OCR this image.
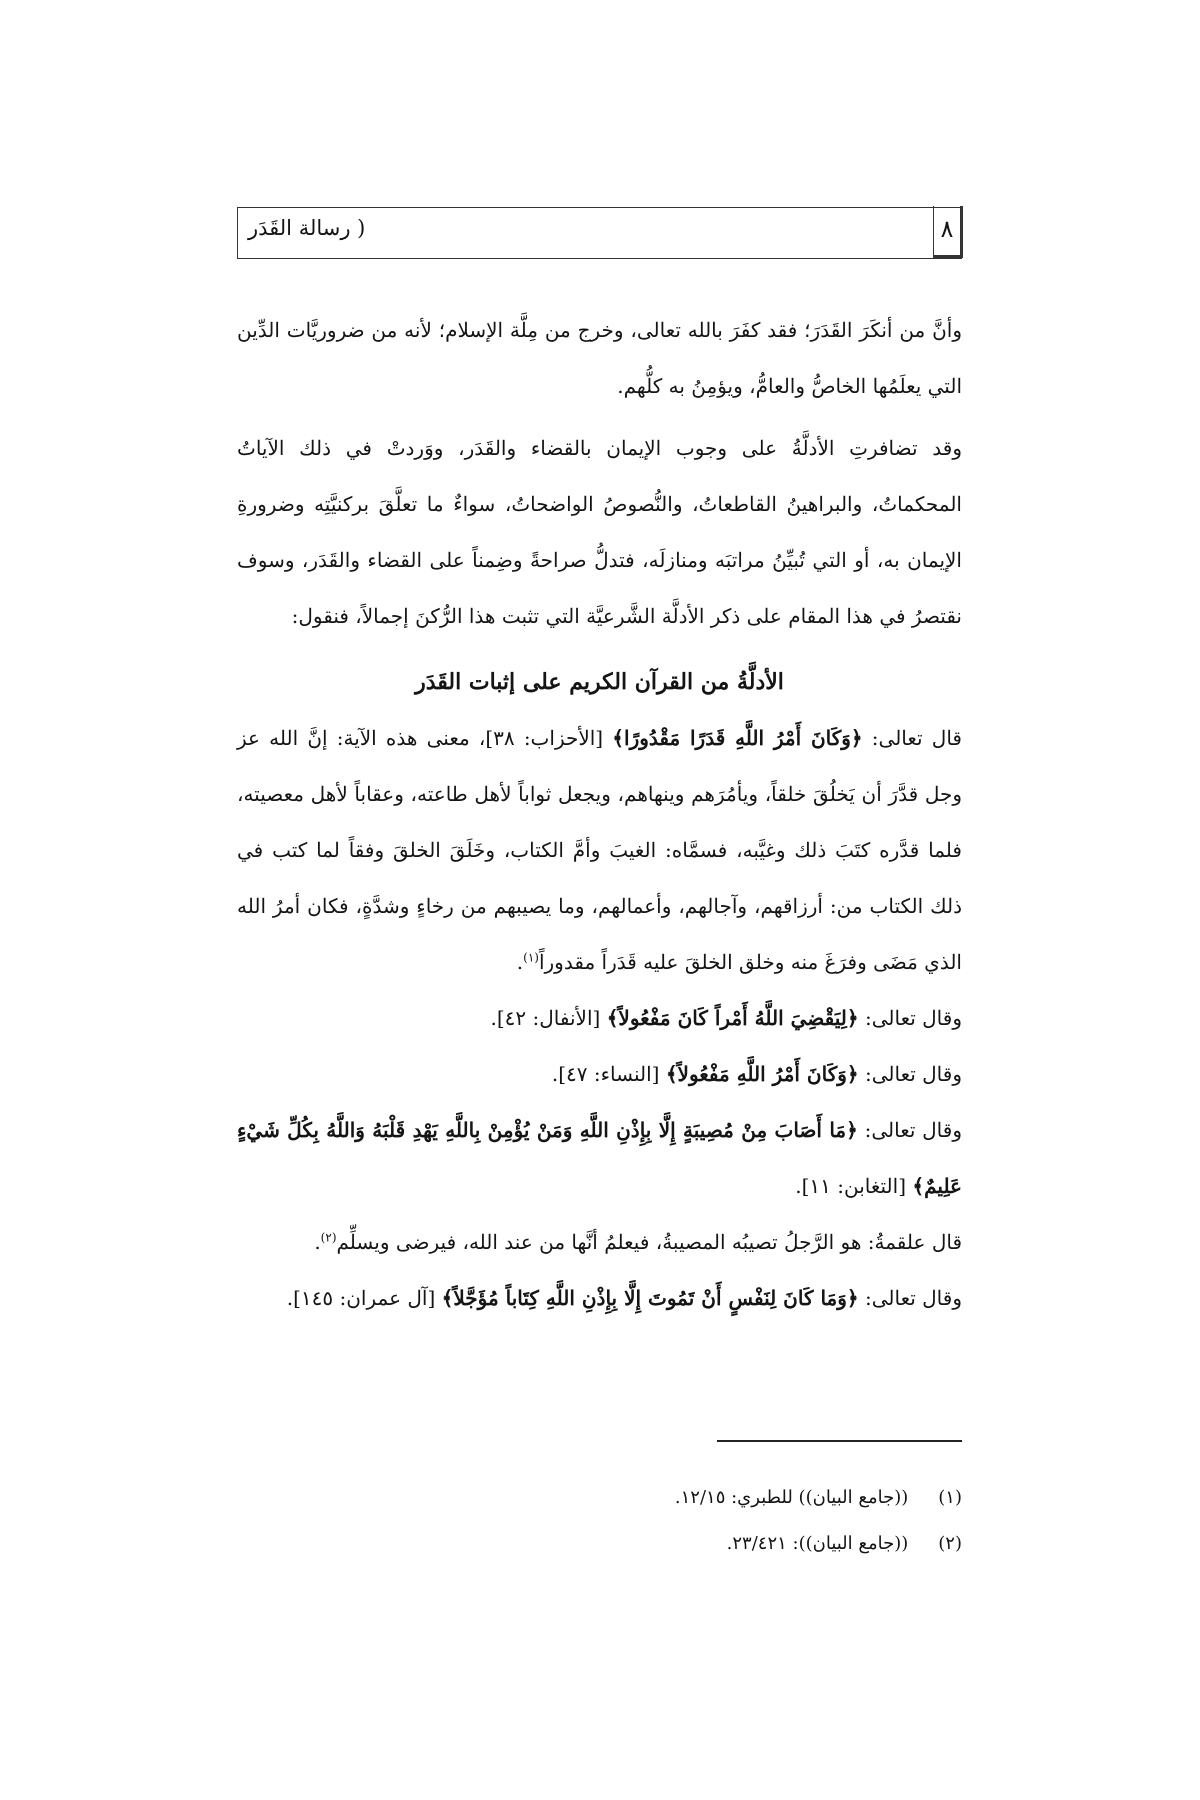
( رسالة القَدَر	٨

وأنَّ من أنكَرَ القَدَرَ؛ فقد كفَرَ بالله تعالى، وخرج من مِلَّة الإسلام؛ لأنه من ضروريَّات الدِّين التي يعلَمُها الخاصُّ والعامُّ، ويؤمِنُ به كلُّهم.

وقد تضافرتِ الأدلَّةُ على وجوب الإيمان بالقضاء والقَدَر، ووَردتْ في ذلك الآياتُ المحكماتُ، والبراهينُ القاطعاتُ، والنُّصوصُ الواضحاتُ، سواءٌ ما تعلَّقَ بركنيَّتِه وضرورةِ الإيمان به، أو التي تُبيِّنُ مراتبَه ومنازلَه، فتدلُّ صراحةً وضِمناً على القضاء والقَدَر، وسوف نقتصرُ في هذا المقام على ذكر الأدلَّة الشَّرعيَّة التي تثبت هذا الرُّكنَ إجمالاً، فنقول:

الأدلَّةُ من القرآن الكريم على إثبات القَدَر

قال تعالى: ﴿وَكَانَ أَمْرُ اللَّهِ قَدَرًا مَقْدُورًا﴾ [الأحزاب: ٣٨]، معنى هذه الآية: إنَّ الله عز وجل قدَّرَ أن يَخلُقَ خلقاً، ويأمُرَهم وينهاهم، ويجعل ثواباً لأهل طاعته، وعقاباً لأهل معصيته، فلما قدَّره كتَبَ ذلك وغيَّبه، فسمَّاه: الغيبَ وأمَّ الكتاب، وخَلَقَ الخلقَ وفقاً لما كتب في ذلك الكتاب من: أرزاقهم، وآجالهم، وأعمالهم، وما يصيبهم من رخاءٍ وشدَّةٍ، فكان أمرُ الله الذي مَضَى وفرَغَ منه وخلق الخلقَ عليه قَدَراً مقدوراً$^{(١)}$.

وقال تعالى: ﴿لِيَقْضِيَ اللَّهُ أَمْراً كَانَ مَفْعُولاً﴾ [الأنفال: ٤٢].

وقال تعالى: ﴿وَكَانَ أَمْرُ اللَّهِ مَفْعُولاً﴾ [النساء: ٤٧].

وقال تعالى: ﴿مَا أَصَابَ مِنْ مُصِيبَةٍ إِلَّا بِإِذْنِ اللَّهِ وَمَنْ يُؤْمِنْ بِاللَّهِ يَهْدِ قَلْبَهُ وَاللَّهُ بِكُلِّ شَيْءٍ عَلِيمٌ﴾ [التغابن: ١١].

قال علقمةُ: هو الرَّجلُ تصيبُه المصيبةُ، فيعلمُ أنَّها من عند الله، فيرضى ويسلِّم$^{(٢)}$.

وقال تعالى: ﴿وَمَا كَانَ لِنَفْسٍ أَنْ تَمُوتَ إِلَّا بِإِذْنِ اللَّهِ كِتَاباً مُؤَجَّلاً﴾ [آل عمران: ١٤٥].

(١) ((جامع البيان)) للطبري: ١٢/١٥.
(٢) ((جامع البيان)): ٢٣/٤٢١.
